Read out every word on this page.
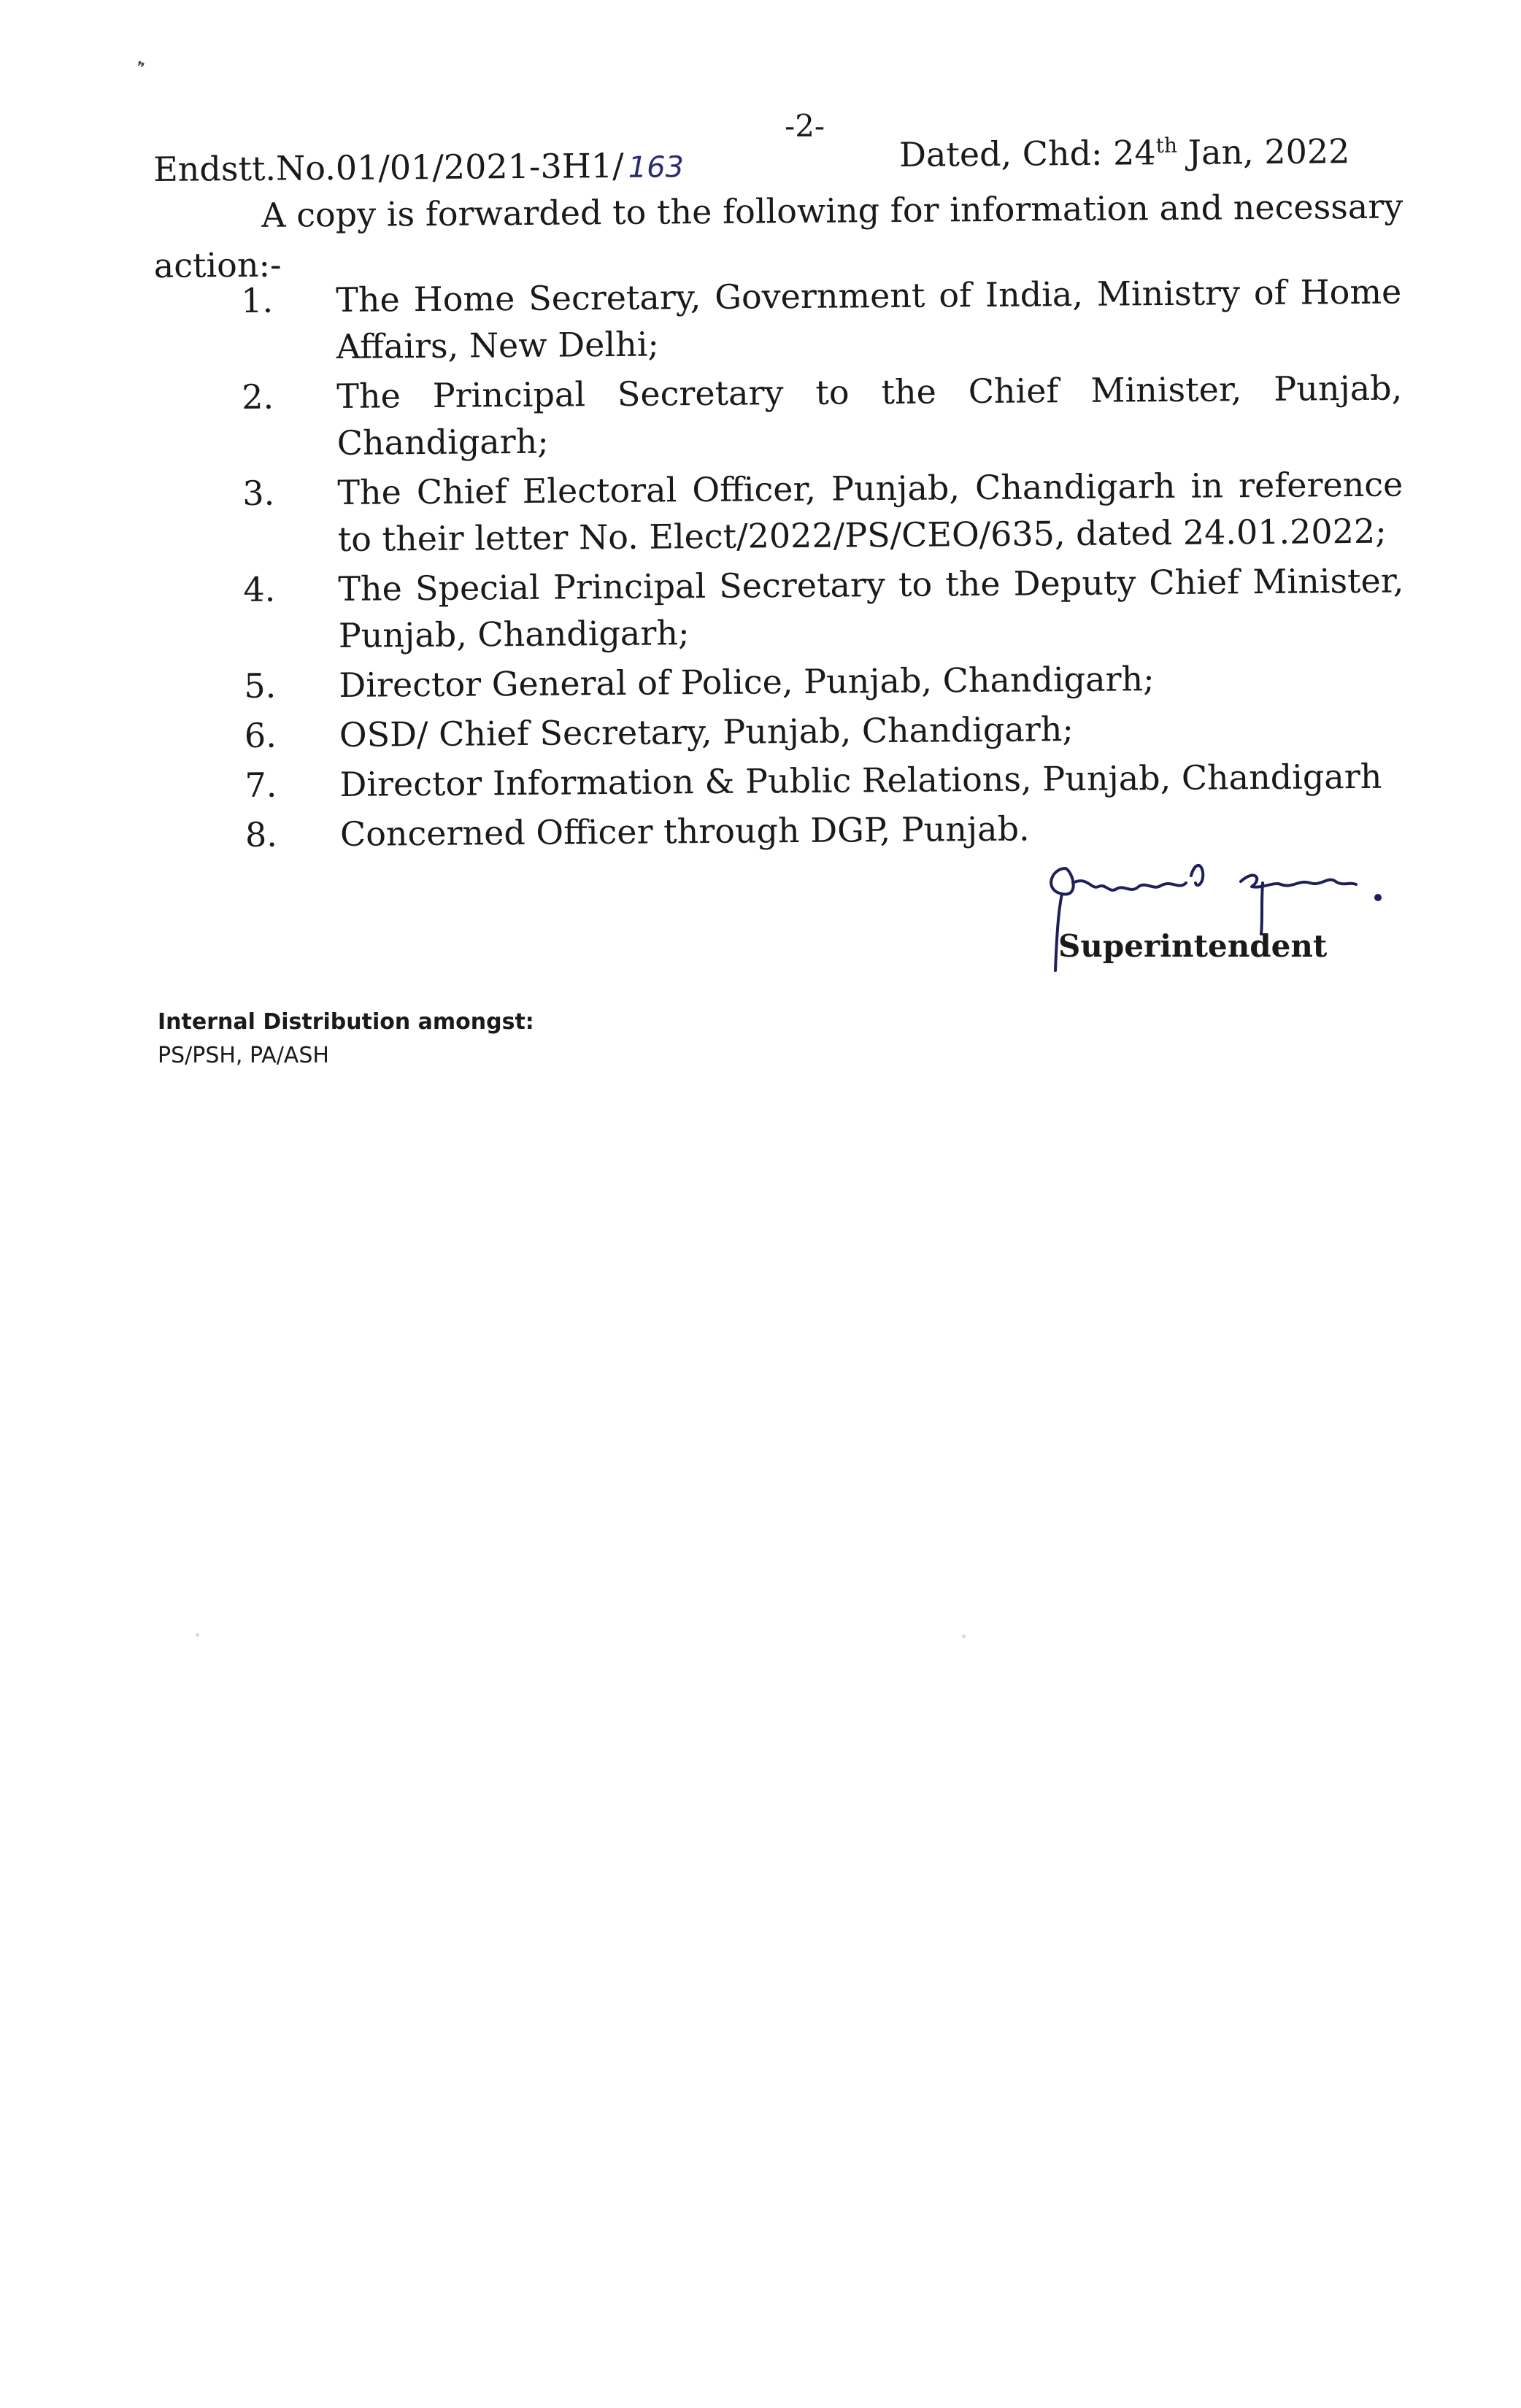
❞
-2-
Endstt.No.01/01/2021-3H1/ 163	Dated, Chd: 24th Jan, 2022
A copy is forwarded to the following for information and necessary action:-
1.	The Home Secretary, Government of India, Ministry of Home Affairs, New Delhi;
2.	The Principal Secretary to the Chief Minister, Punjab, Chandigarh;
3.	The Chief Electoral Officer, Punjab, Chandigarh in reference to their letter No. Elect/2022/PS/CEO/635, dated 24.01.2022;
4.	The Special Principal Secretary to the Deputy Chief Minister, Punjab, Chandigarh;
5.	Director General of Police, Punjab, Chandigarh;
6.	OSD/ Chief Secretary, Punjab, Chandigarh;
7.	Director Information & Public Relations, Punjab, Chandigarh
8.	Concerned Officer through DGP, Punjab.
Superintendent
Internal Distribution amongst:
PS/PSH, PA/ASH
